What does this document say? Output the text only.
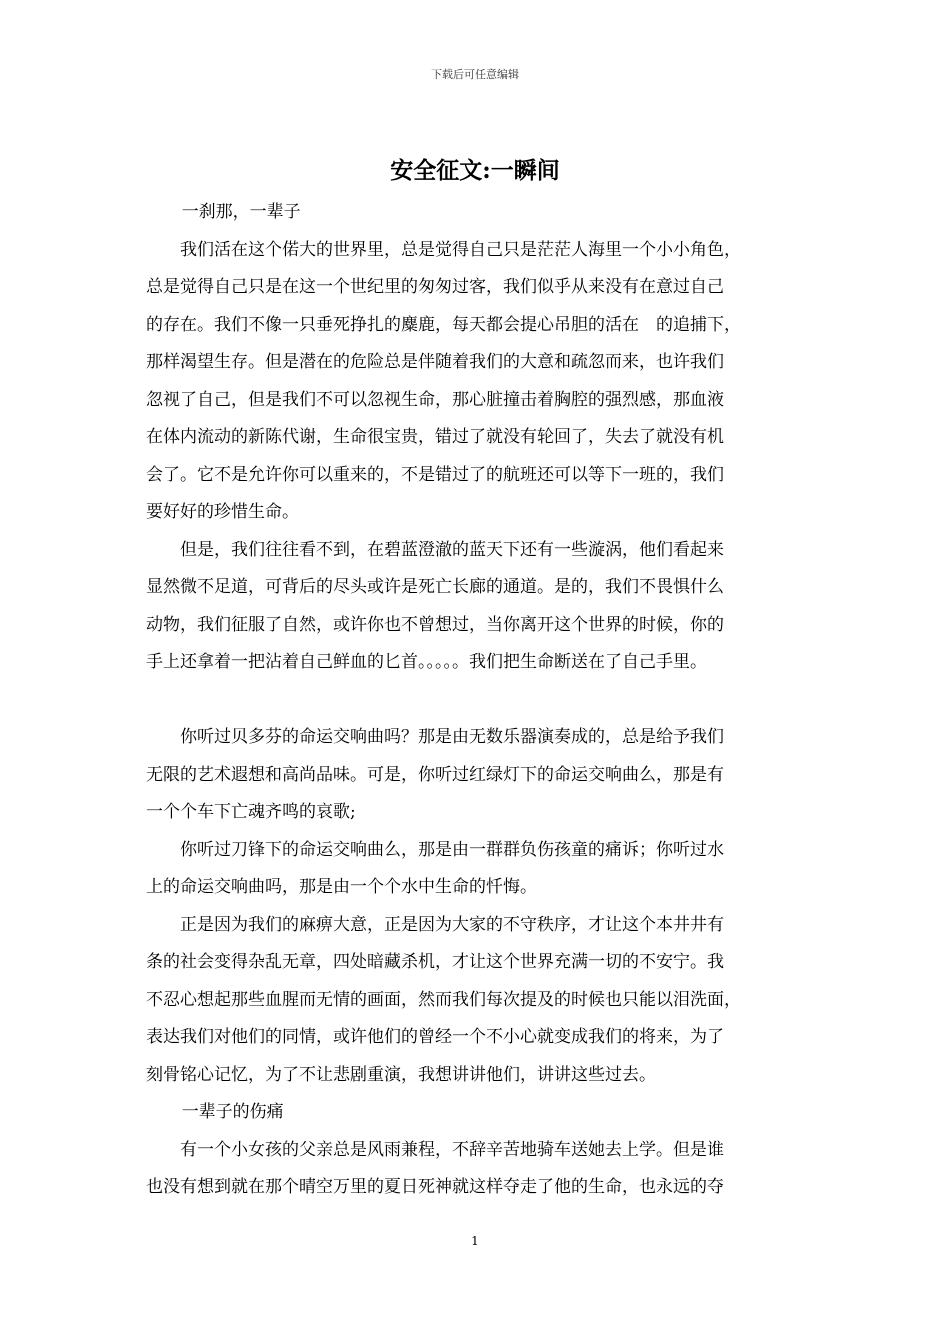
下载后可任意编辑
安全征文:一瞬间

一刹那，一辈子

我们活在这个偌大的世界里，总是觉得自己只是茫茫人海里一个小小角色，
总是觉得自己只是在这一个世纪里的匆匆过客，我们似乎从来没有在意过自己
的存在。我们不像一只垂死挣扎的麋鹿，每天都会提心吊胆的活在　的追捕下，
那样渴望生存。但是潜在的危险总是伴随着我们的大意和疏忽而来，也许我们
忽视了自己，但是我们不可以忽视生命，那心脏撞击着胸腔的强烈感，那血液
在体内流动的新陈代谢，生命很宝贵，错过了就没有轮回了，失去了就没有机
会了。它不是允许你可以重来的，不是错过了的航班还可以等下一班的，我们
要好好的珍惜生命。

但是，我们往往看不到，在碧蓝澄澈的蓝天下还有一些漩涡，他们看起来
显然微不足道，可背后的尽头或许是死亡长廊的通道。是的，我们不畏惧什么
动物，我们征服了自然，或许你也不曾想过，当你离开这个世界的时候，你的
手上还拿着一把沾着自己鲜血的匕首。。。。。我们把生命断送在了自己手里。

你听过贝多芬的命运交响曲吗？那是由无数乐器演奏成的，总是给予我们
无限的艺术遐想和高尚品味。可是，你听过红绿灯下的命运交响曲么，那是有
一个个车下亡魂齐鸣的哀歌;

你听过刀锋下的命运交响曲么，那是由一群群负伤孩童的痛诉；你听过水
上的命运交响曲吗，那是由一个个水中生命的忏悔。

正是因为我们的麻痹大意，正是因为大家的不守秩序，才让这个本井井有
条的社会变得杂乱无章，四处暗藏杀机，才让这个世界充满一切的不安宁。我
不忍心想起那些血腥而无情的画面，然而我们每次提及的时候也只能以泪洗面，
表达我们对他们的同情，或许他们的曾经一个不小心就变成我们的将来，为了
刻骨铭心记忆，为了不让悲剧重演，我想讲讲他们，讲讲这些过去。

一辈子的伤痛

有一个小女孩的父亲总是风雨兼程，不辞辛苦地骑车送她去上学。但是谁
也没有想到就在那个晴空万里的夏日死神就这样夺走了他的生命，也永远的夺

1
